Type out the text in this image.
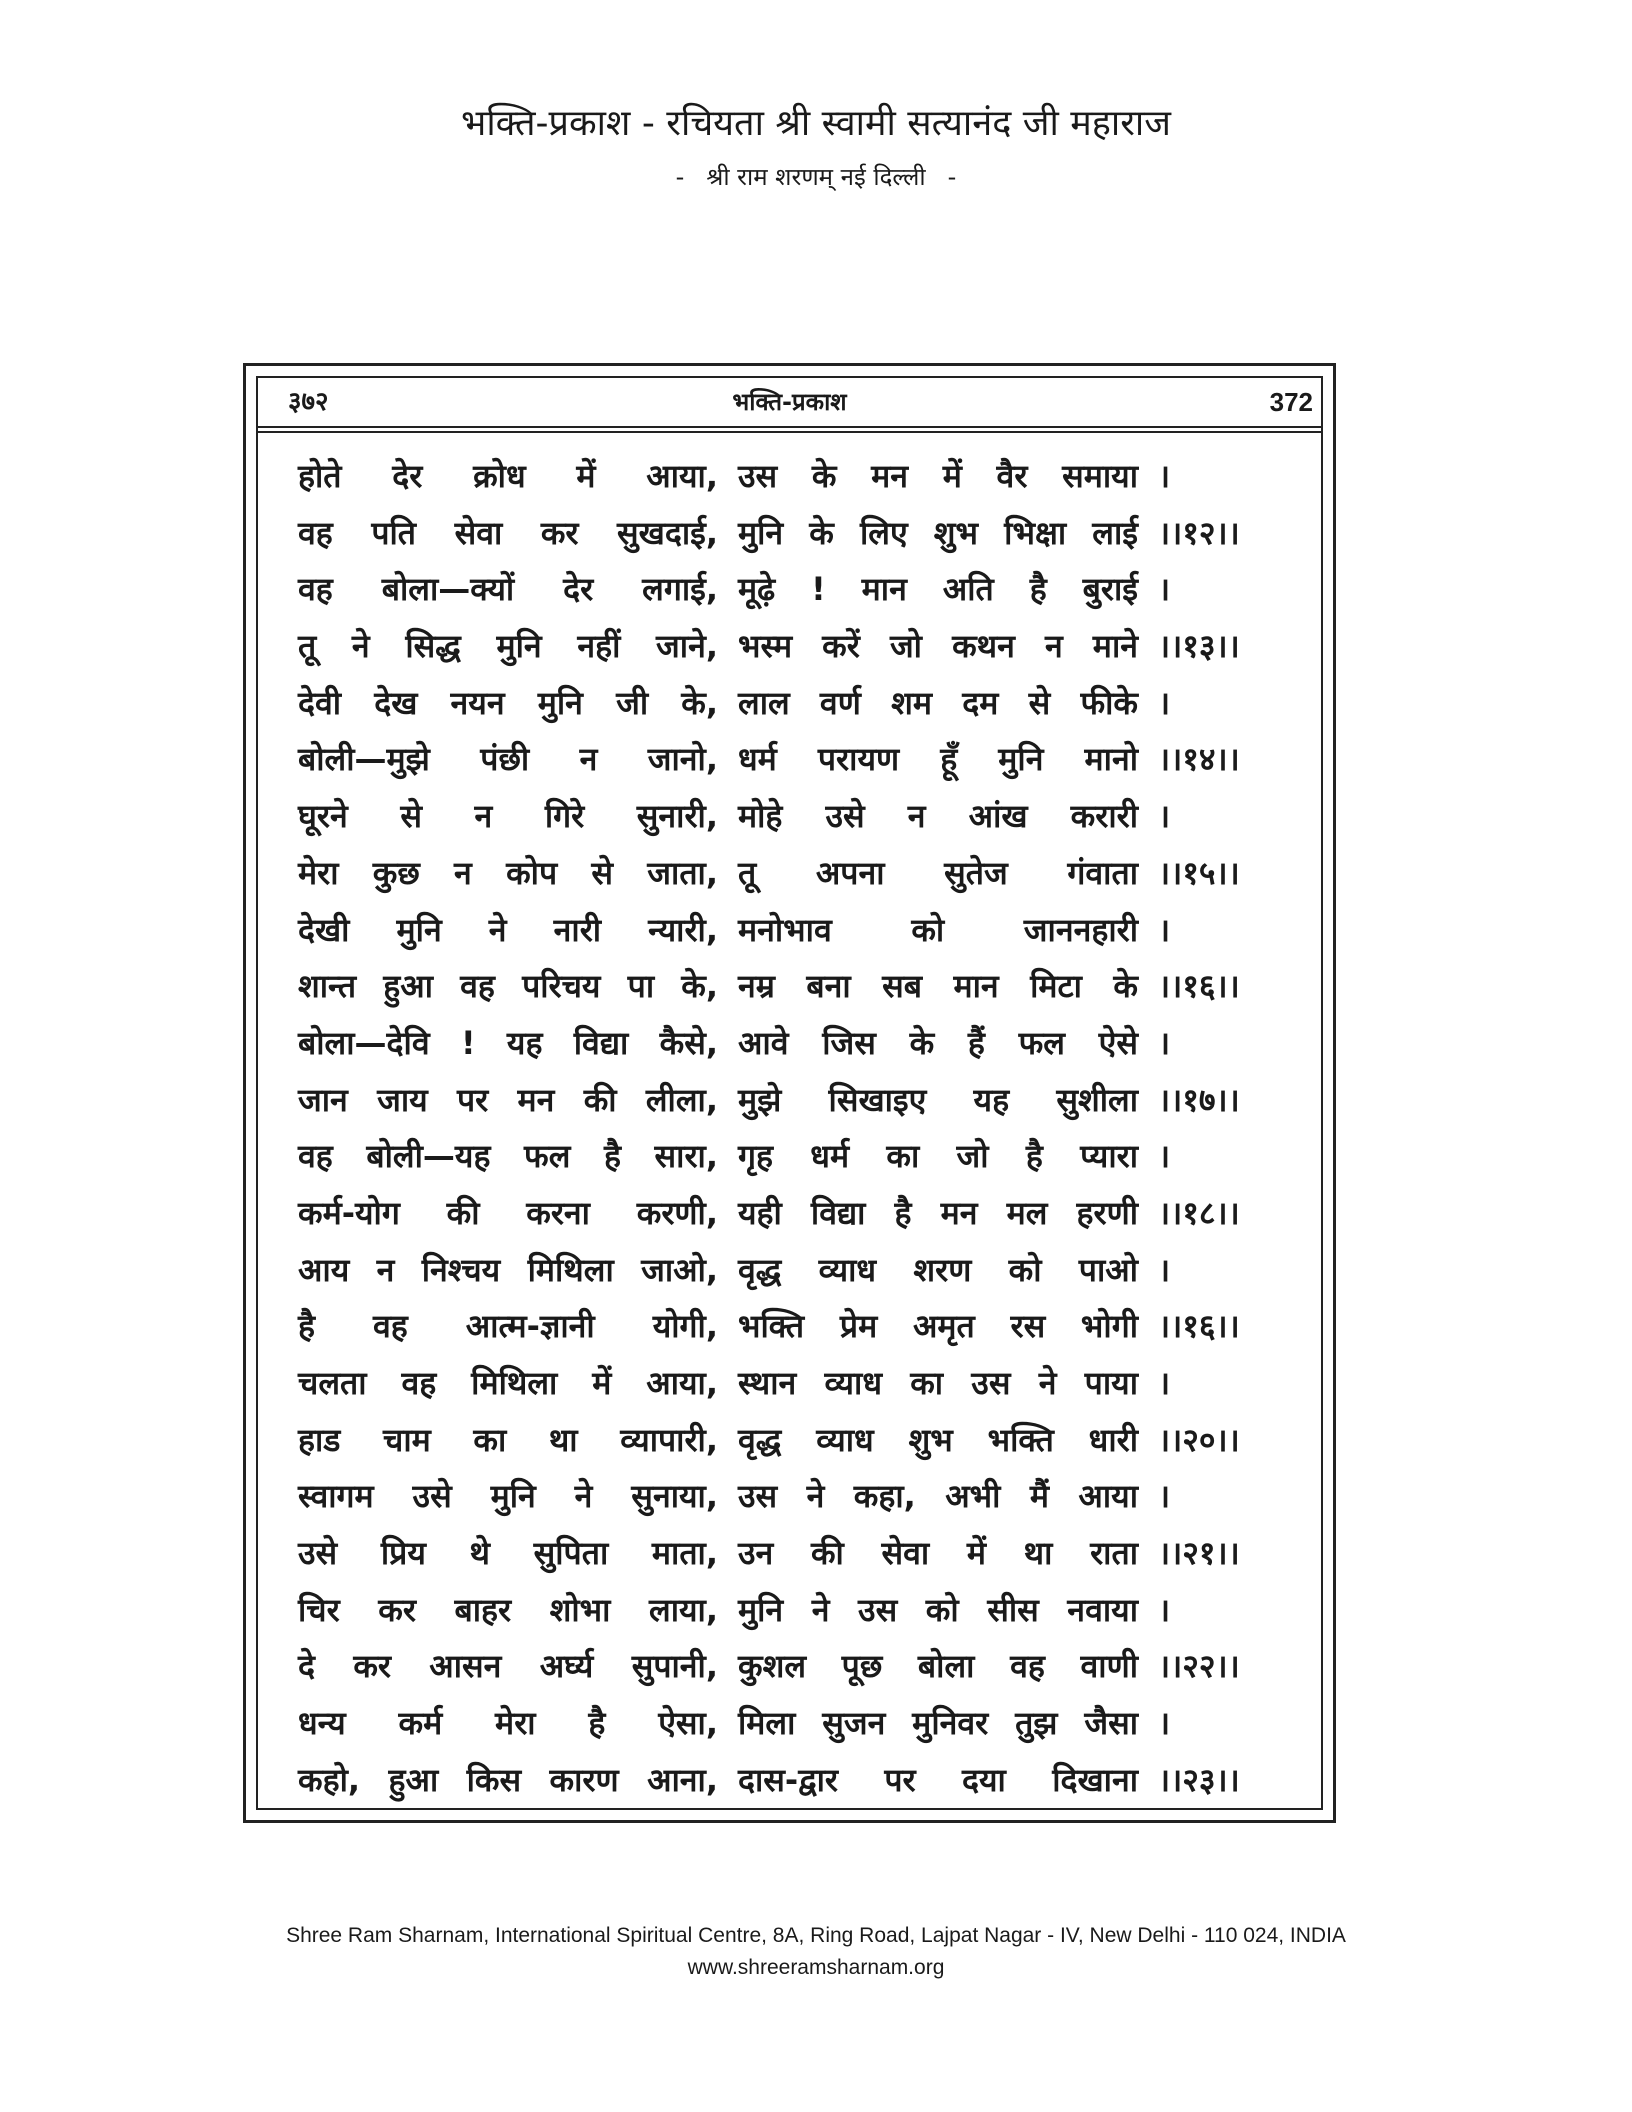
भक्ति-प्रकाश - रचियता श्री स्वामी सत्यानंद जी महाराज
- श्री राम शरणम् नई दिल्ली -
३७२	भक्ति-प्रकाश	372
होते देर क्रोध में आया, उस के मन में वैर समाया ।
वह पति सेवा कर सुखदाई, मुनि के लिए शुभ भिक्षा लाई ।।१२।।
वह बोला—क्यों देर लगाई, मूढ़े ! मान अति है बुराई ।
तू ने सिद्ध मुनि नहीं जाने, भस्म करें जो कथन न माने ।।१३।।
देवी देख नयन मुनि जी के, लाल वर्ण शम दम से फीके ।
बोली—मुझे पंछी न जानो, धर्म परायण हूँ मुनि मानो ।।१४।।
घूरने से न गिरे सुनारी, मोहे उसे न आंख करारी ।
मेरा कुछ न कोप से जाता, तू अपना सुतेज गंवाता ।।१५।।
देखी मुनि ने नारी न्यारी, मनोभाव को जाननहारी ।
शान्त हुआ वह परिचय पा के, नम्र बना सब मान मिटा के ।।१६।।
बोला—देवि ! यह विद्या कैसे, आवे जिस के हैं फल ऐसे ।
जान जाय पर मन की लीला, मुझे सिखाइए यह सुशीला ।।१७।।
वह बोली—यह फल है सारा, गृह धर्म का जो है प्यारा ।
कर्म-योग की करना करणी, यही विद्या है मन मल हरणी ।।१८।।
आय न निश्चय मिथिला जाओ, वृद्ध व्याध शरण को पाओ ।
है वह आत्म-ज्ञानी योगी, भक्ति प्रेम अमृत रस भोगी ।।१६।।
चलता वह मिथिला में आया, स्थान व्याध का उस ने पाया ।
हाड चाम का था व्यापारी, वृद्ध व्याध शुभ भक्ति धारी ।।२०।।
स्वागम उसे मुनि ने सुनाया, उस ने कहा, अभी मैं आया ।
उसे प्रिय थे सुपिता माता, उन की सेवा में था राता ।।२१।।
चिर कर बाहर शोभा लाया, मुनि ने उस को सीस नवाया ।
दे कर आसन अर्घ्य सुपानी, कुशल पूछ बोला वह वाणी ।।२२।।
धन्य कर्म मेरा है ऐसा, मिला सुजन मुनिवर तुझ जैसा ।
कहो, हुआ किस कारण आना, दास-द्वार पर दया दिखाना ।।२३।।
Shree Ram Sharnam, International Spiritual Centre, 8A, Ring Road, Lajpat Nagar - IV, New Delhi - 110 024, INDIA
www.shreeramsharnam.org
